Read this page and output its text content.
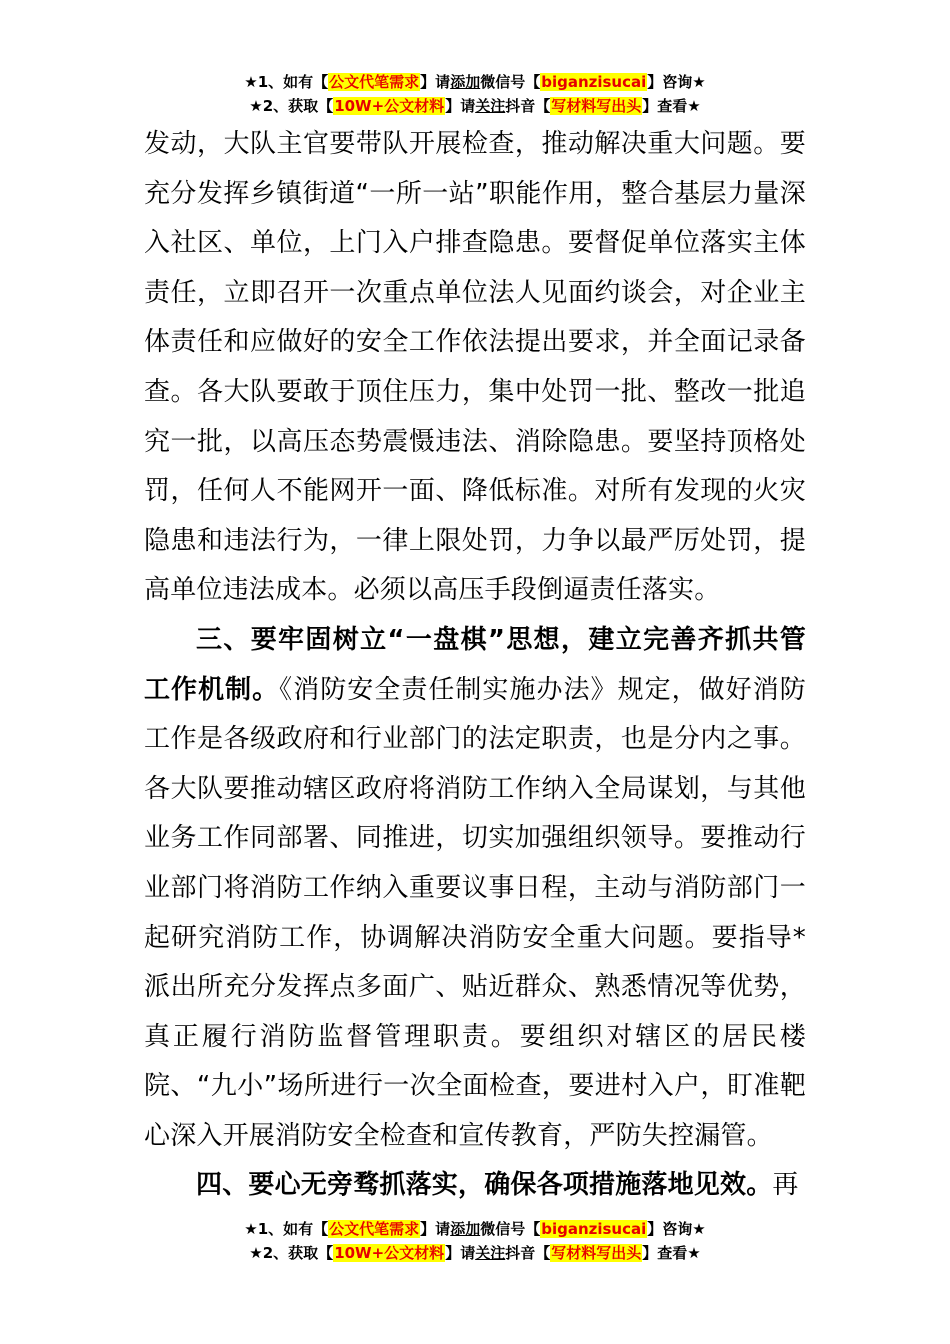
★1、如有【公文代笔需求】请添加微信号【biganzisucai】咨询★
★2、获取【10W+公文材料】请关注抖音【写材料写出头】查看★

发动，大队主官要带队开展检查，推动解决重大问题。要充分发挥乡镇街道“一所一站”职能作用，整合基层力量深入社区、单位，上门入户排查隐患。要督促单位落实主体责任，立即召开一次重点单位法人见面约谈会，对企业主体责任和应做好的安全工作依法提出要求，并全面记录备查。各大队要敢于顶住压力，集中处罚一批、整改一批追究一批，以高压态势震慑违法、消除隐患。要坚持顶格处罚，任何人不能网开一面、降低标准。对所有发现的火灾隐患和违法行为，一律上限处罚，力争以最严厉处罚，提高单位违法成本。必须以高压手段倒逼责任落实。

三、要牢固树立“一盘棋”思想，建立完善齐抓共管工作机制。《消防安全责任制实施办法》规定，做好消防工作是各级政府和行业部门的法定职责，也是分内之事。各大队要推动辖区政府将消防工作纳入全局谋划，与其他业务工作同部署、同推进，切实加强组织领导。要推动行业部门将消防工作纳入重要议事日程，主动与消防部门一起研究消防工作，协调解决消防安全重大问题。要指导*派出所充分发挥点多面广、贴近群众、熟悉情况等优势，真正履行消防监督管理职责。要组织对辖区的居民楼院、“九小”场所进行一次全面检查，要进村入户，盯准靶心深入开展消防安全检查和宣传教育，严防失控漏管。

四、要心无旁骛抓落实，确保各项措施落地见效。再

★1、如有【公文代笔需求】请添加微信号【biganzisucai】咨询★
★2、获取【10W+公文材料】请关注抖音【写材料写出头】查看★
